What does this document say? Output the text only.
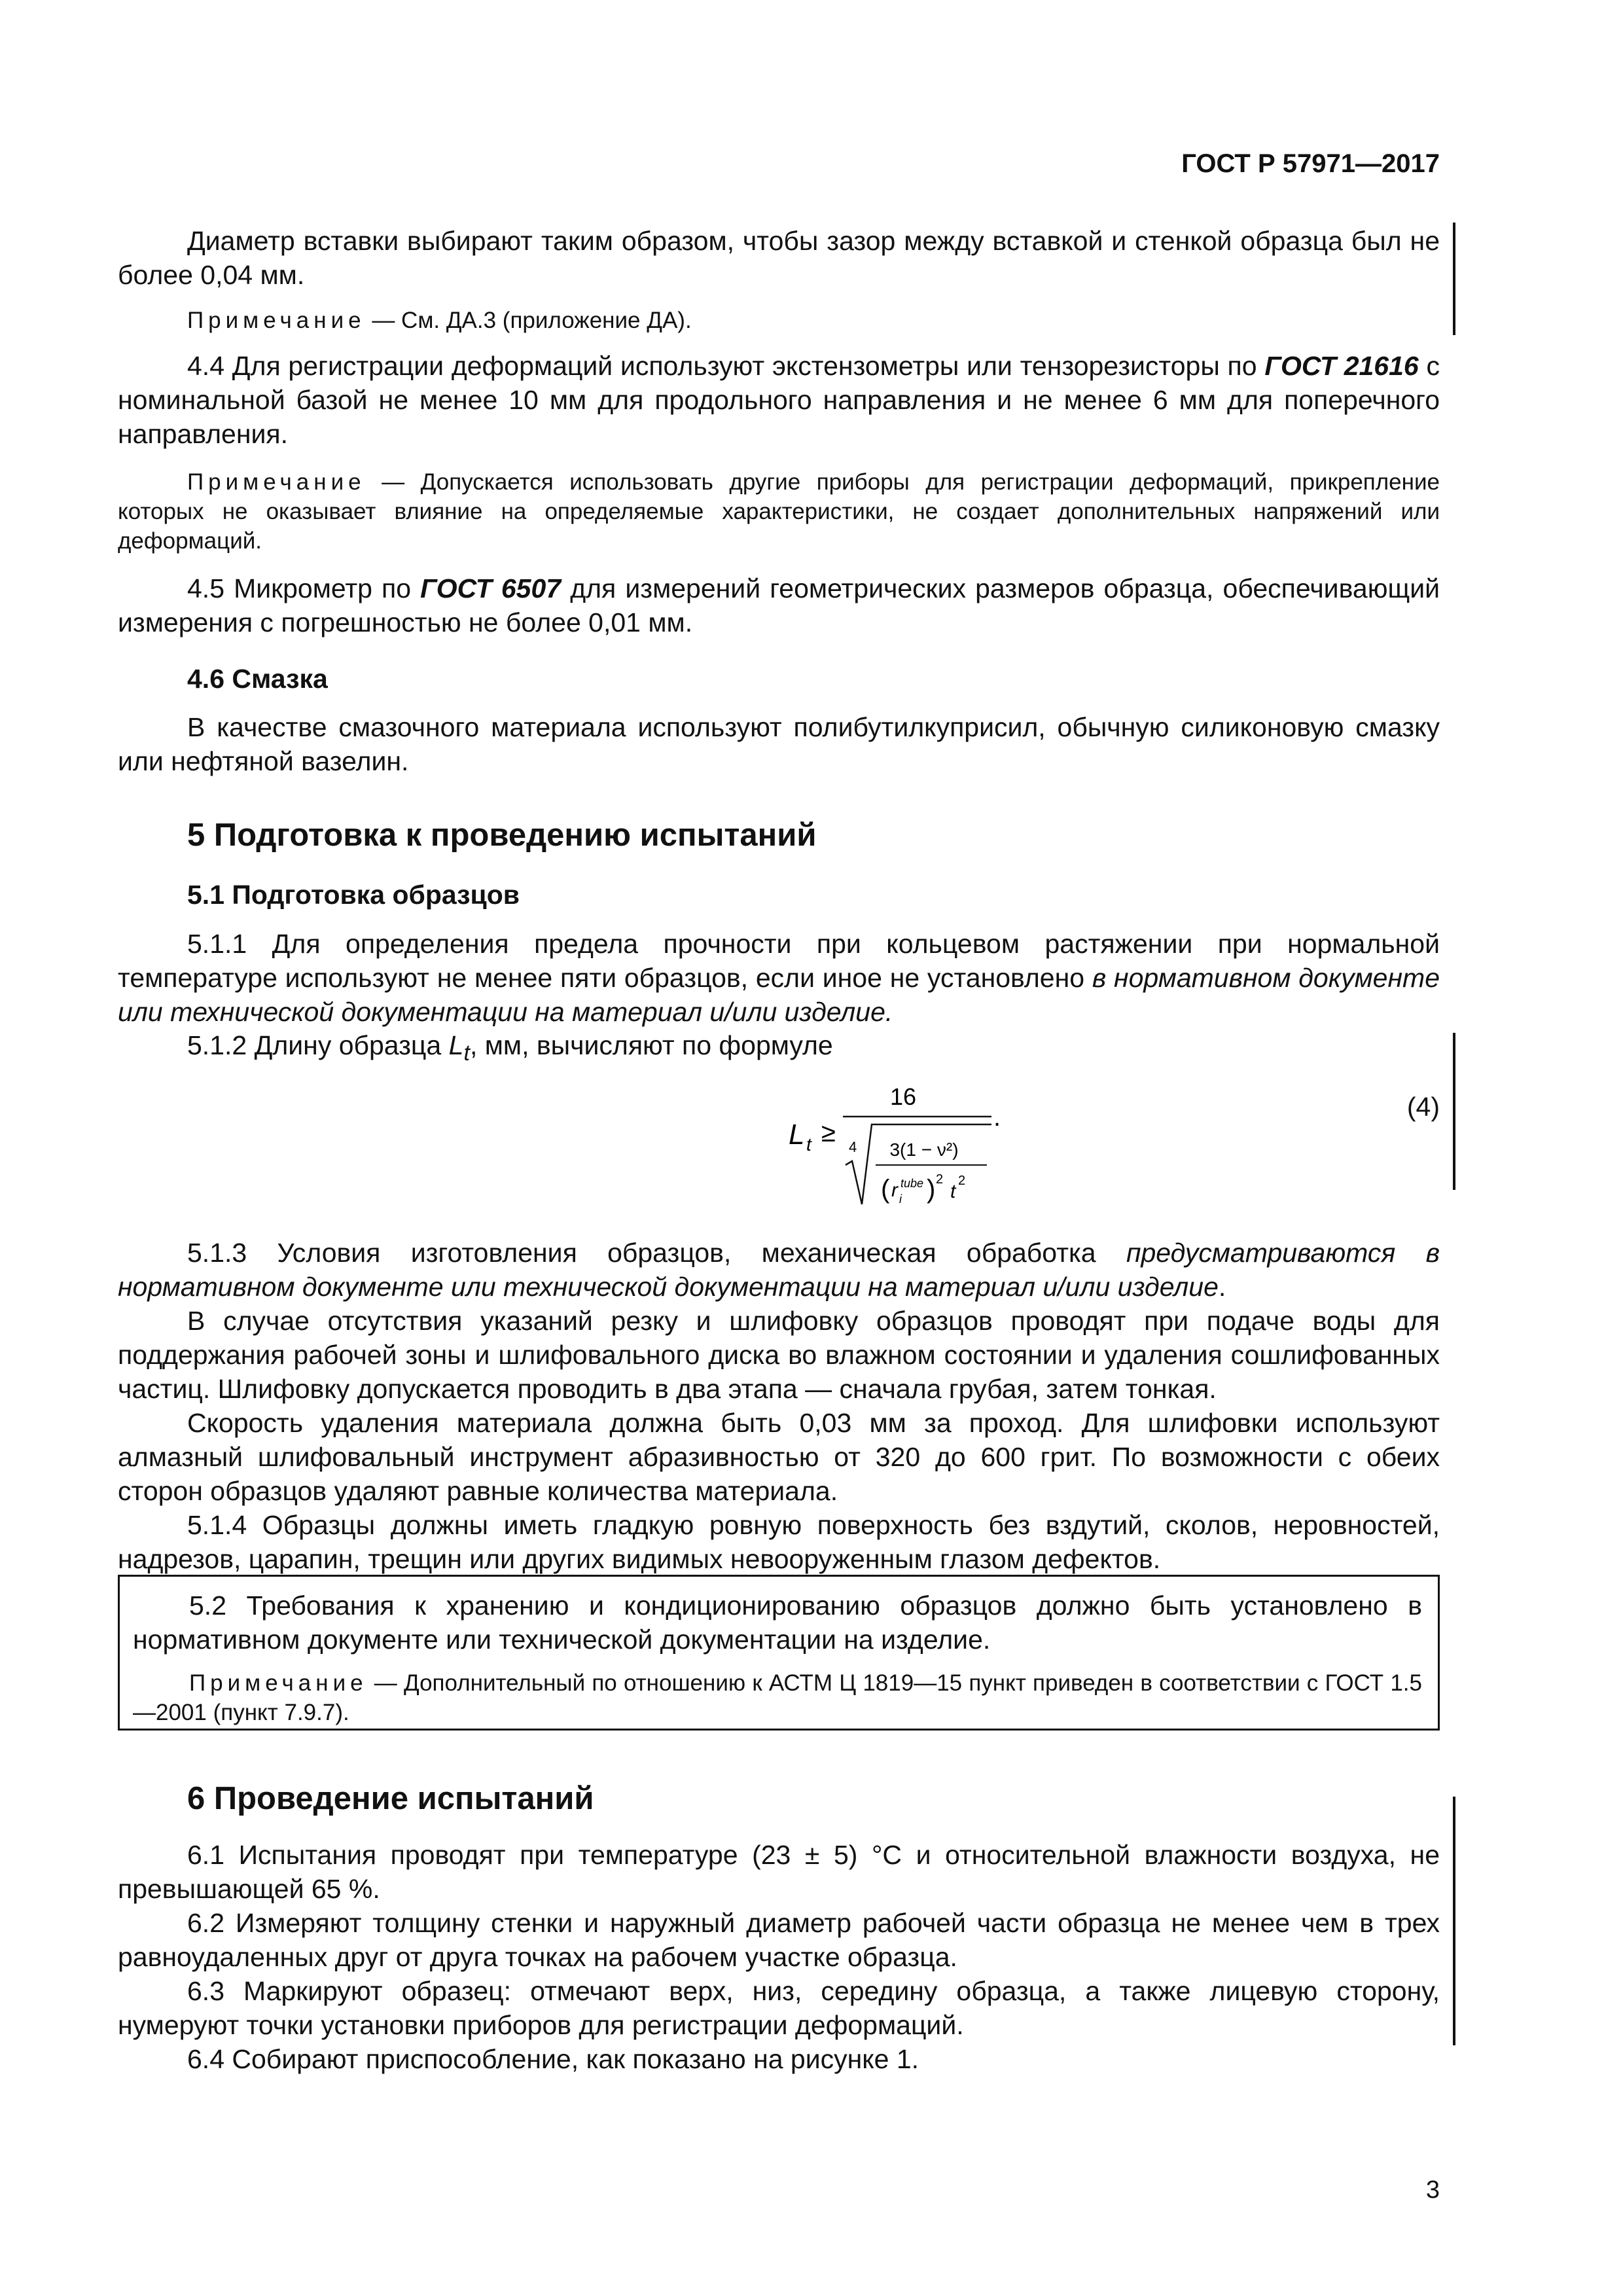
ГОСТ Р 57971—2017
Диаметр вставки выбирают таким образом, чтобы зазор между вставкой и стенкой образца был не более 0,04 мм.
Примечание — См. ДА.3 (приложение ДА).
4.4 Для регистрации деформаций используют экстензометры или тензорезисторы по ГОСТ 21616 с номинальной базой не менее 10 мм для продольного направления и не менее 6 мм для поперечного направления.
Примечание — Допускается использовать другие приборы для регистрации деформаций, прикрепление которых не оказывает влияние на определяемые характеристики, не создает дополнительных напряжений или деформаций.
4.5 Микрометр по ГОСТ 6507 для измерений геометрических размеров образца, обеспечивающий измерения с погрешностью не более 0,01 мм.
4.6 Смазка
В качестве смазочного материала используют полибутилкуприсил, обычную силиконовую смазку или нефтяной вазелин.
5 Подготовка к проведению испытаний
5.1 Подготовка образцов
5.1.1 Для определения предела прочности при кольцевом растяжении при нормальной температуре используют не менее пяти образцов, если иное не установлено в нормативном документе или технической документации на материал и/или изделие.
5.1.2 Длину образца $L_t$, мм, вычисляют по формуле
L t ≥
16
4 3(1 − ν²)
( r tube
i ) 2
t 2
.	(4)
5.1.3 Условия изготовления образцов, механическая обработка предусматриваются в нормативном документе или технической документации на материал и/или изделие.
В случае отсутствия указаний резку и шлифовку образцов проводят при подаче воды для поддержания рабочей зоны и шлифовального диска во влажном состоянии и удаления сошлифованных частиц. Шлифовку допускается проводить в два этапа — сначала грубая, затем тонкая.
Скорость удаления материала должна быть 0,03 мм за проход. Для шлифовки используют алмазный шлифовальный инструмент абразивностью от 320 до 600 грит. По возможности с обеих сторон образцов удаляют равные количества материала.
5.1.4 Образцы должны иметь гладкую ровную поверхность без вздутий, сколов, неровностей, надрезов, царапин, трещин или других видимых невооруженным глазом дефектов.
5.2 Требования к хранению и кондиционированию образцов должно быть установлено в нормативном документе или технической документации на изделие.
Примечание — Дополнительный по отношению к АСТМ Ц 1819—15 пункт приведен в соответствии с ГОСТ 1.5—2001 (пункт 7.9.7).
6 Проведение испытаний
6.1 Испытания проводят при температуре (23 ± 5) °C и относительной влажности воздуха, не превышающей 65 %.
6.2 Измеряют толщину стенки и наружный диаметр рабочей части образца не менее чем в трех равноудаленных друг от друга точках на рабочем участке образца.
6.3 Маркируют образец: отмечают верх, низ, середину образца, а также лицевую сторону, нумеруют точки установки приборов для регистрации деформаций.
6.4 Собирают приспособление, как показано на рисунке 1.
3
